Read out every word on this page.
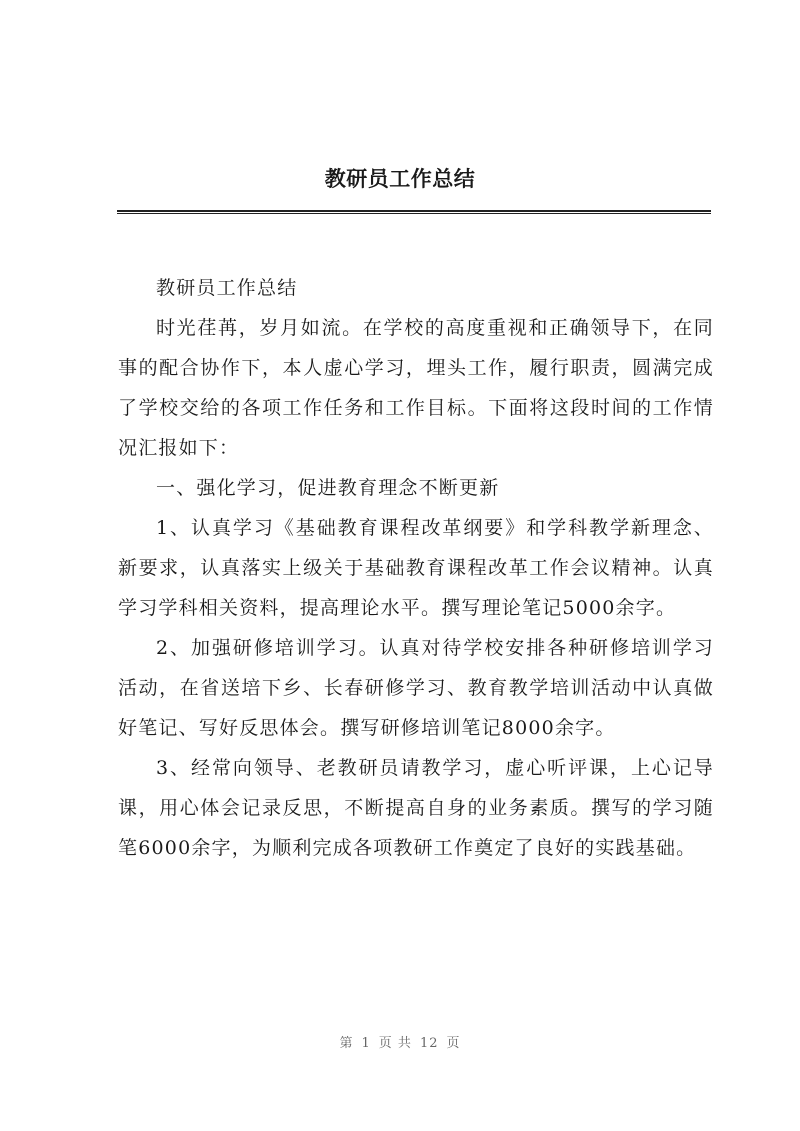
教研员工作总结

教研员工作总结

时光荏苒，岁月如流。在学校的高度重视和正确领导下，在同事的配合协作下，本人虚心学习，埋头工作，履行职责，圆满完成了学校交给的各项工作任务和工作目标。下面将这段时间的工作情况汇报如下：

一、强化学习，促进教育理念不断更新

1、认真学习《基础教育课程改革纲要》和学科教学新理念、新要求，认真落实上级关于基础教育课程改革工作会议精神。认真学习学科相关资料，提高理论水平。撰写理论笔记5000余字。

2、加强研修培训学习。认真对待学校安排各种研修培训学习活动，在省送培下乡、长春研修学习、教育教学培训活动中认真做好笔记、写好反思体会。撰写研修培训笔记8000余字。

3、经常向领导、老教研员请教学习，虚心听评课，上心记导课，用心体会记录反思，不断提高自身的业务素质。撰写的学习随笔6000余字，为顺利完成各项教研工作奠定了良好的实践基础。

第 1 页 共 12 页
